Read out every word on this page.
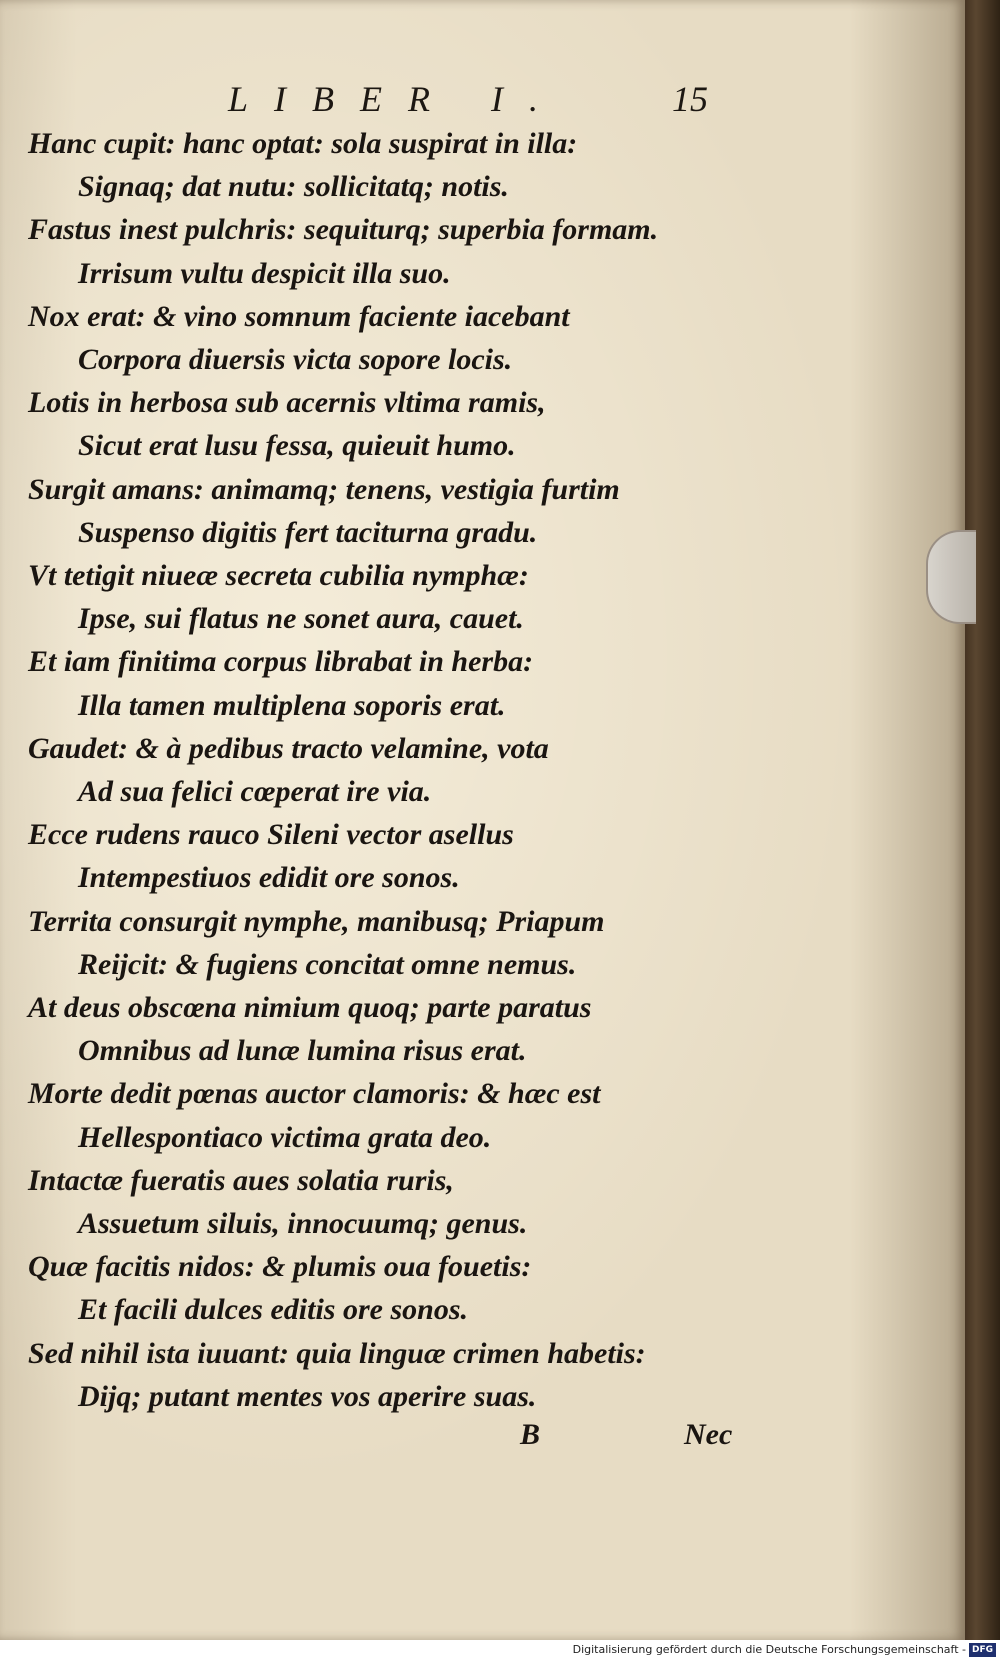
LIBER I.	15
Hanc cupit: hanc optat: sola suspirat in illa:
Signaq; dat nutu: sollicitatq; notis.
Fastus inest pulchris: sequiturq; superbia formam.
Irrisum vultu despicit illa suo.
Nox erat: & vino somnum faciente iacebant
Corpora diuersis victa sopore locis.
Lotis in herbosa sub acernis vltima ramis,
Sicut erat lusu fessa, quieuit humo.
Surgit amans: animamq; tenens, vestigia furtim
Suspenso digitis fert taciturna gradu.
Vt tetigit niueæ secreta cubilia nymphæ:
Ipse, sui flatus ne sonet aura, cauet.
Et iam finitima corpus librabat in herba:
Illa tamen multiplena soporis erat.
Gaudet: & à pedibus tracto velamine, vota
Ad sua felici cœperat ire via.
Ecce rudens rauco Sileni vector asellus
Intempestiuos edidit ore sonos.
Territa consurgit nymphe, manibusq; Priapum
Reijcit: & fugiens concitat omne nemus.
At deus obscœna nimium quoq; parte paratus
Omnibus ad lunæ lumina risus erat.
Morte dedit pœnas auctor clamoris: & hæc est
Hellespontiaco victima grata deo.
Intactæ fueratis aues solatia ruris,
Assuetum siluis, innocuumq; genus.
Quæ facitis nidos: & plumis oua fouetis:
Et facili dulces editis ore sonos.
Sed nihil ista iuuant: quia linguæ crimen habetis:
Dijq; putant mentes vos aperire suas.
B	Nec
Digitalisierung gefördert durch die Deutsche Forschungsgemeinschaft - DFG
